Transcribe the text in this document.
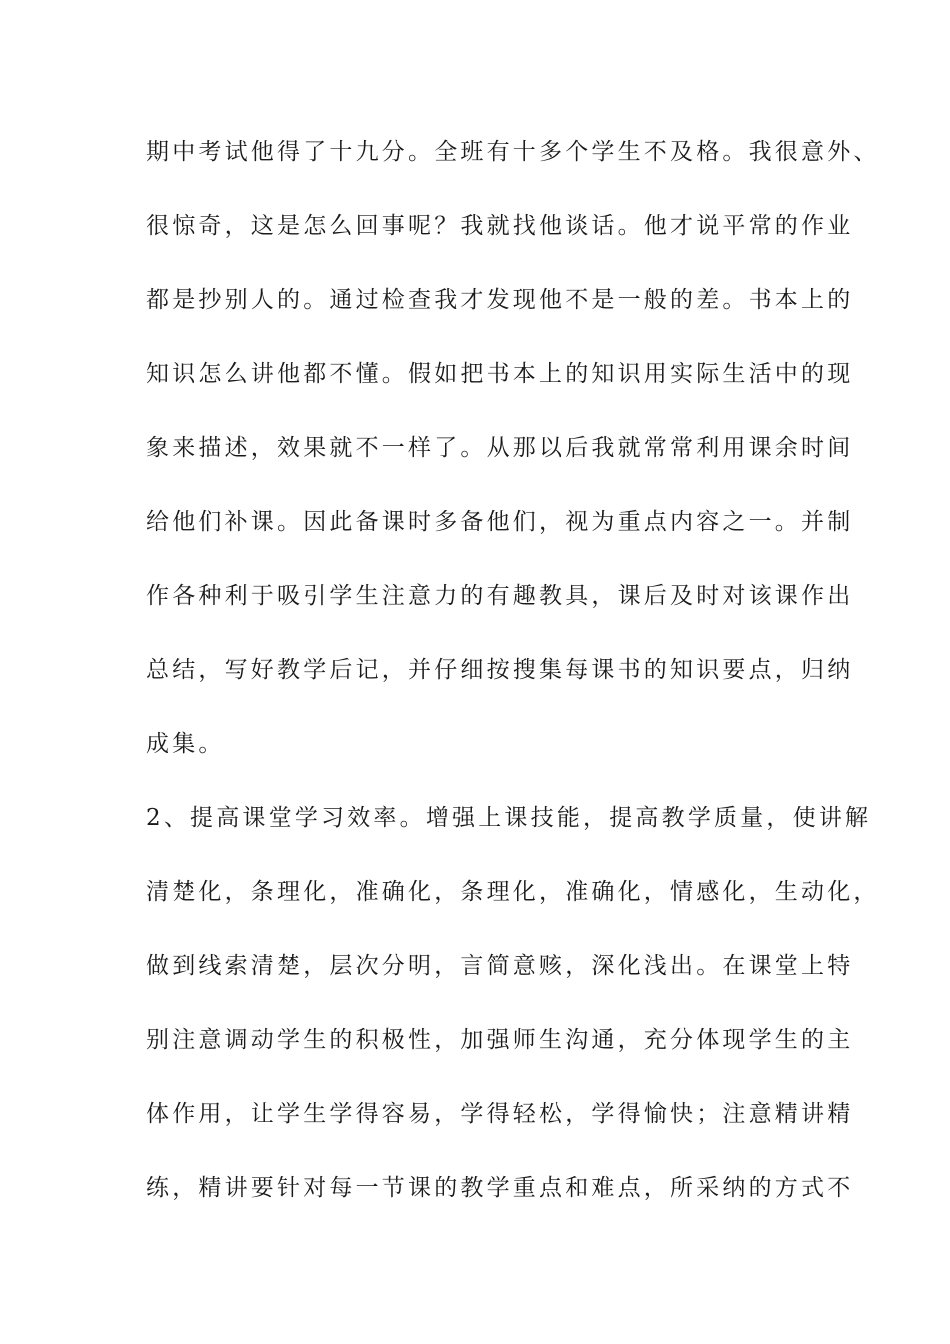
期中考试他得了十九分。全班有十多个学生不及格。我很意外、
很惊奇，这是怎么回事呢？我就找他谈话。他才说平常的作业
都是抄别人的。通过检查我才发现他不是一般的差。书本上的
知识怎么讲他都不懂。假如把书本上的知识用实际生活中的现
象来描述，效果就不一样了。从那以后我就常常利用课余时间
给他们补课。因此备课时多备他们，视为重点内容之一。并制
作各种利于吸引学生注意力的有趣教具，课后及时对该课作出
总结，写好教学后记，并仔细按搜集每课书的知识要点，归纳
成集。
2、提高课堂学习效率。增强上课技能，提高教学质量，使讲解
清楚化，条理化，准确化，条理化，准确化，情感化，生动化，
做到线索清楚，层次分明，言简意赅，深化浅出。在课堂上特
别注意调动学生的积极性，加强师生沟通，充分体现学生的主
体作用，让学生学得容易，学得轻松，学得愉快；注意精讲精
练，精讲要针对每一节课的教学重点和难点，所采纳的方式不
